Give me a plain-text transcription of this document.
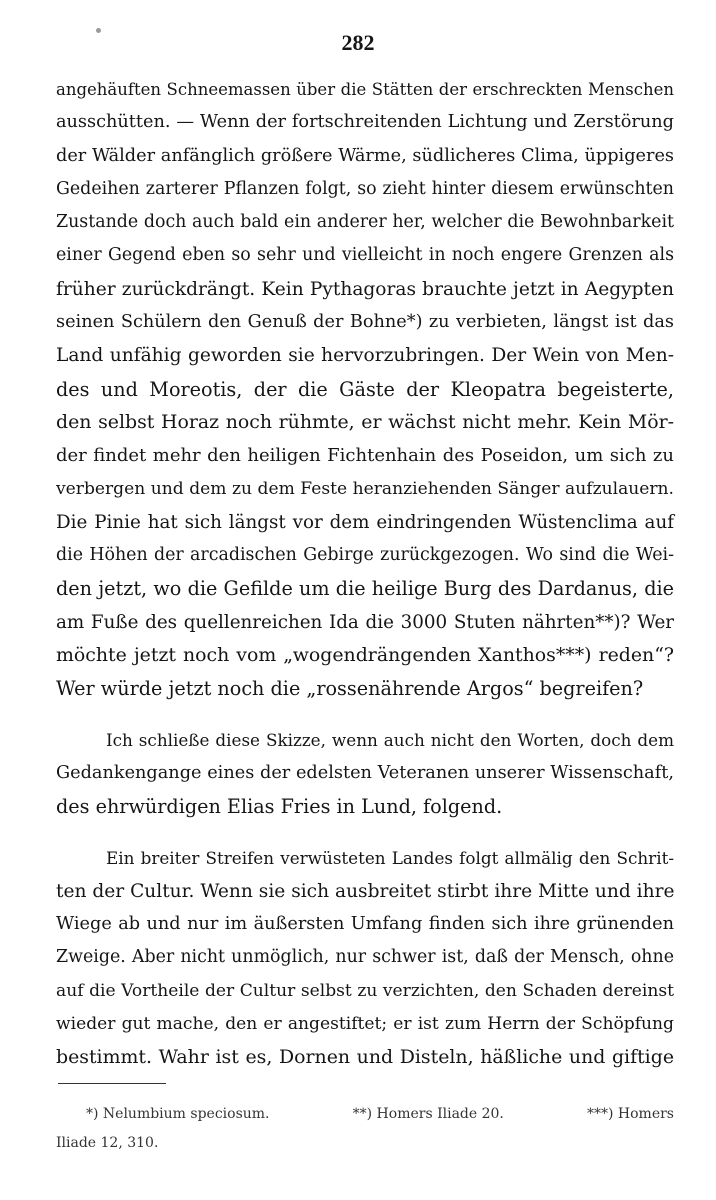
282
angehäuften Schneemassen über die Stätten der erschreckten Menschen
ausschütten. — Wenn der fortschreitenden Lichtung und Zerstörung
der Wälder anfänglich größere Wärme, südlicheres Clima, üppigeres
Gedeihen zarterer Pflanzen folgt, so zieht hinter diesem erwünschten
Zustande doch auch bald ein anderer her, welcher die Bewohnbarkeit
einer Gegend eben so sehr und vielleicht in noch engere Grenzen als
früher zurückdrängt. Kein Pythagoras brauchte jetzt in Aegypten
seinen Schülern den Genuß der Bohne*) zu verbieten, längst ist das
Land unfähig geworden sie hervorzubringen. Der Wein von Men-
des und Moreotis, der die Gäste der Kleopatra begeisterte,
den selbst Horaz noch rühmte, er wächst nicht mehr. Kein Mör-
der findet mehr den heiligen Fichtenhain des Poseidon, um sich zu
verbergen und dem zu dem Feste heranziehenden Sänger aufzulauern.
Die Pinie hat sich längst vor dem eindringenden Wüstenclima auf
die Höhen der arcadischen Gebirge zurückgezogen. Wo sind die Wei-
den jetzt, wo die Gefilde um die heilige Burg des Dardanus, die
am Fuße des quellenreichen Ida die 3000 Stuten nährten**)? Wer
möchte jetzt noch vom „wogendrängenden Xanthos***) reden“?
Wer würde jetzt noch die „rossenährende Argos“ begreifen?
Ich schließe diese Skizze, wenn auch nicht den Worten, doch dem
Gedankengange eines der edelsten Veteranen unserer Wissenschaft,
des ehrwürdigen Elias Fries in Lund, folgend.
Ein breiter Streifen verwüsteten Landes folgt allmälig den Schrit-
ten der Cultur. Wenn sie sich ausbreitet stirbt ihre Mitte und ihre
Wiege ab und nur im äußersten Umfang finden sich ihre grünenden
Zweige. Aber nicht unmöglich, nur schwer ist, daß der Mensch, ohne
auf die Vortheile der Cultur selbst zu verzichten, den Schaden dereinst
wieder gut mache, den er angestiftet; er ist zum Herrn der Schöpfung
bestimmt. Wahr ist es, Dornen und Disteln, häßliche und giftige
*) Nelumbium speciosum.	**) Homers Iliade 20.	***) Homers
Iliade 12, 310.
